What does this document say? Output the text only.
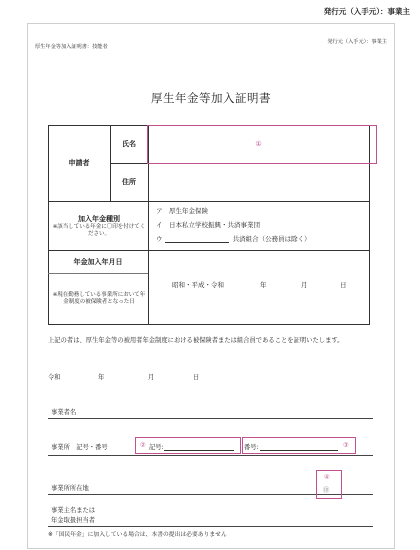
発行元（入手元）：事業主
厚生年金等加入証明書：技能者
発行元（入手元）：事業主
厚生年金等加入証明書
申請者
氏名	①
住所
加入年金種別
※該当している年金に〇印を付けてください。
ア　厚生年金保険
イ　日本私立学校振興・共済事業団
ウ	共済組合（公務員は除く）
年金加入年月日
※現在勤務している事業所において年金制度の被保険者となった日
昭和・平成・令和	年	月	日
上記の者は、厚生年金等の被用者年金制度における被保険者または組合員であることを証明いたします。
令和	年	月	日
事業者名
事業所　記号・番号	② 記号:	番号:	③
事業所所在地
事業主名または
年金取扱担当者
④
㊞
※「国民年金」に加入している場合は、本書の提出は必要ありません
